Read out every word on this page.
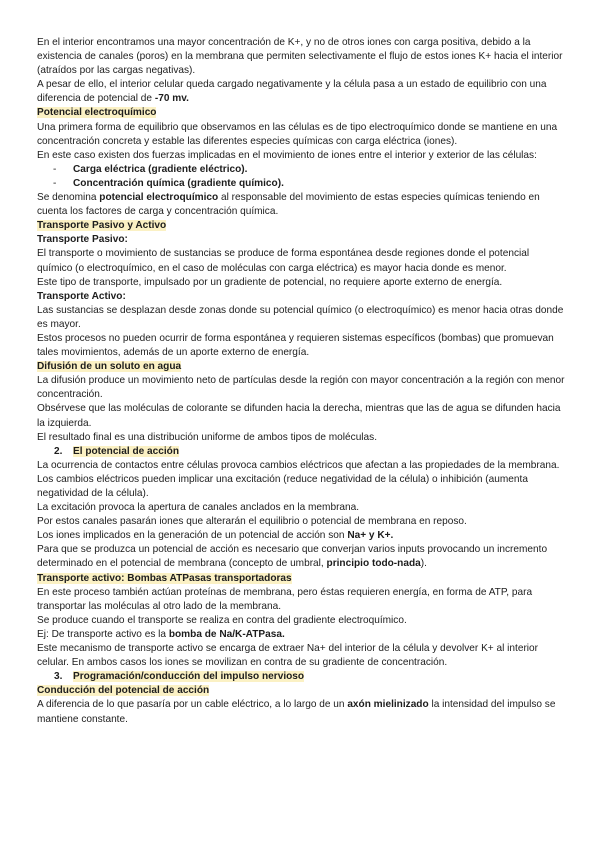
En el interior encontramos una mayor concentración de K+, y no de otros iones con carga positiva, debido a la existencia de canales (poros) en la membrana que permiten selectivamente el flujo de estos iones K+ hacia el interior (atraídos por las cargas negativas).

A pesar de ello, el interior celular queda cargado negativamente y la célula pasa a un estado de equilibrio con una diferencia de potencial de -70 mv.

Potencial electroquímico

Una primera forma de equilibrio que observamos en las células es de tipo electroquímico donde se mantiene en una concentración concreta y estable las diferentes especies químicas con carga eléctrica (iones).

En este caso existen dos fuerzas implicadas en el movimiento de iones entre el interior y exterior de las células:

- Carga eléctrica (gradiente eléctrico).
- Concentración química (gradiente químico).

Se denomina potencial electroquímico al responsable del movimiento de estas especies químicas teniendo en cuenta los factores de carga y concentración química.

Transporte Pasivo y Activo

Transporte Pasivo:

El transporte o movimiento de sustancias se produce de forma espontánea desde regiones donde el potencial químico (o electroquímico, en el caso de moléculas con carga eléctrica) es mayor hacia donde es menor.

Este tipo de transporte, impulsado por un gradiente de potencial, no requiere aporte externo de energía.

Transporte Activo:

Las sustancias se desplazan desde zonas donde su potencial químico (o electroquímico) es menor hacia otras donde es mayor.

Estos procesos no pueden ocurrir de forma espontánea y requieren sistemas específicos (bombas) que promuevan tales movimientos, además de un aporte externo de energía.

Difusión de un soluto en agua

La difusión produce un movimiento neto de partículas desde la región con mayor concentración a la región con menor concentración.

Obsérvese que las moléculas de colorante se difunden hacia la derecha, mientras que las de agua se difunden hacia la izquierda.

El resultado final es una distribución uniforme de ambos tipos de moléculas.

2. El potencial de acción

La ocurrencia de contactos entre células provoca cambios eléctricos que afectan a las propiedades de la membrana.

Los cambios eléctricos pueden implicar una excitación (reduce negatividad de la célula) o inhibición (aumenta negatividad de la célula).

La excitación provoca la apertura de canales anclados en la membrana.

Por estos canales pasarán iones que alterarán el equilibrio o potencial de membrana en reposo.

Los iones implicados en la generación de un potencial de acción son Na+ y K+.

Para que se produzca un potencial de acción es necesario que converjan varios inputs provocando un incremento determinado en el potencial de membrana (concepto de umbral, principio todo-nada).

Transporte activo: Bombas ATPasas transportadoras

En este proceso también actúan proteínas de membrana, pero éstas requieren energía, en forma de ATP, para transportar las moléculas al otro lado de la membrana.

Se produce cuando el transporte se realiza en contra del gradiente electroquímico.

Ej: De transporte activo es la bomba de Na/K-ATPasa.

Este mecanismo de transporte activo se encarga de extraer Na+ del interior de la célula y devolver K+ al interior celular. En ambos casos los iones se movilizan en contra de su gradiente de concentración.

3. Programación/conducción del impulso nervioso

Conducción del potencial de acción

A diferencia de lo que pasaría por un cable eléctrico, a lo largo de un axón mielinizado la intensidad del impulso se mantiene constante.
